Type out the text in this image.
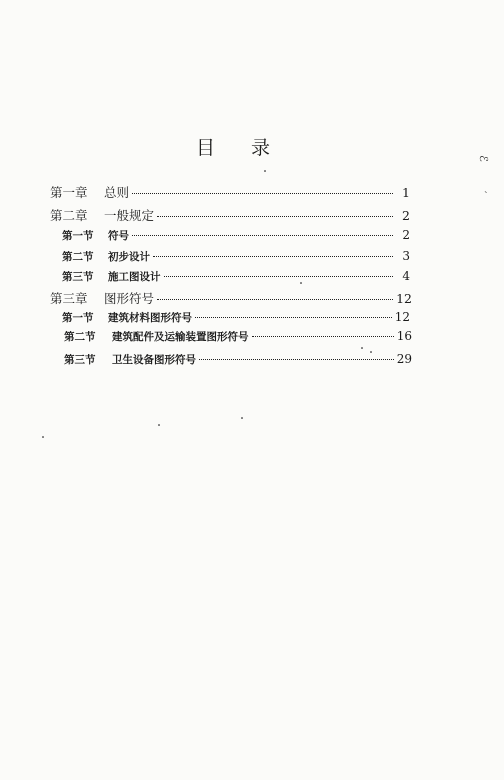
目 录	ℰ
˴
第一章	总则	1
第二章	一般规定	2
第一节	符号	2
第二节	初步设计	3
第三节	施工图设计	4
第三章	图形符号	12
第一节	建筑材料图形符号	12
第二节	建筑配件及运输装置图形符号	16
第三节	卫生设备图形符号	29
